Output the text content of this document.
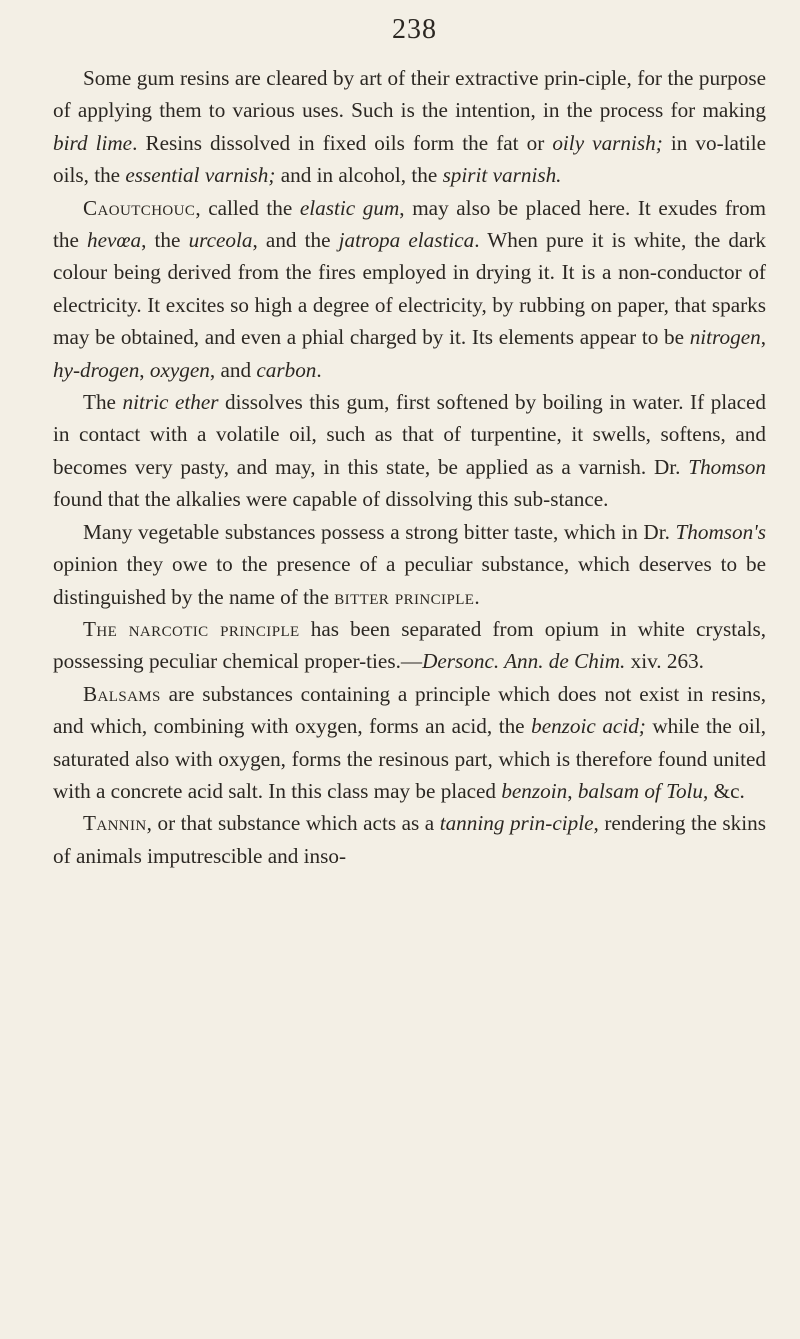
238

Some gum resins are cleared by art of their extractive prin-ciple, for the purpose of applying them to various uses. Such is the intention, in the process for making bird lime. Resins dissolved in fixed oils form the fat or oily varnish; in vo-latile oils, the essential varnish; and in alcohol, the spirit varnish.

Caoutchouc, called the elastic gum, may also be placed here. It exudes from the hevœa, the urceola, and the jatropa elastica. When pure it is white, the dark colour being derived from the fires employed in drying it. It is a non-conductor of electricity. It excites so high a degree of electricity, by rubbing on paper, that sparks may be obtained, and even a phial charged by it. Its elements appear to be nitrogen, hy-drogen, oxygen, and carbon.

The nitric ether dissolves this gum, first softened by boiling in water. If placed in contact with a volatile oil, such as that of turpentine, it swells, softens, and becomes very pasty, and may, in this state, be applied as a varnish. Dr. Thomson found that the alkalies were capable of dissolving this sub-stance.

Many vegetable substances possess a strong bitter taste, which in Dr. Thomson's opinion they owe to the presence of a peculiar substance, which deserves to be distinguished by the name of the bitter principle.

The narcotic principle has been separated from opium in white crystals, possessing peculiar chemical proper-ties.—Dersonc. Ann. de Chim. xiv. 263.

Balsams are substances containing a principle which does not exist in resins, and which, combining with oxygen, forms an acid, the benzoic acid; while the oil, saturated also with oxygen, forms the resinous part, which is therefore found united with a concrete acid salt. In this class may be placed benzoin, balsam of Tolu, &c.

Tannin, or that substance which acts as a tanning prin-ciple, rendering the skins of animals imputrescible and inso-
